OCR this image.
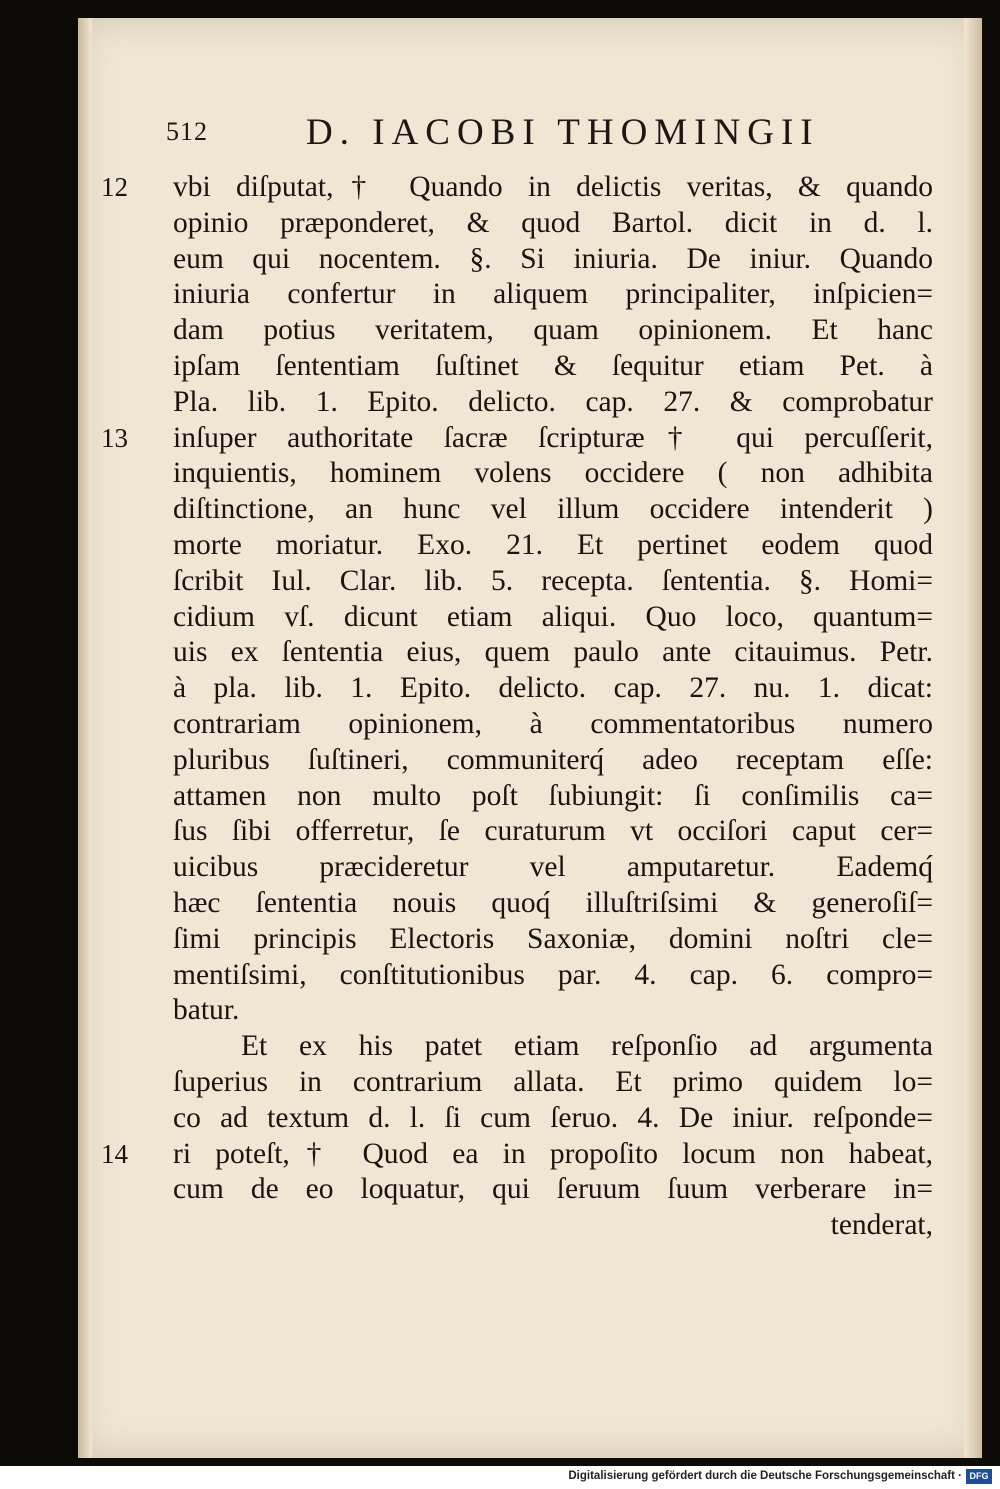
512	D. IACOBI THOMINGII
12 vbi diſputat,† Quando in delictis veritas, & quando
opinio præponderet, & quod Bartol. dicit in d. l.
eum qui nocentem. §. Si iniuria. De iniur. Quando
iniuria confertur in aliquem principaliter, inſpicien=
dam potius veritatem, quam opinionem. Et hanc
ipſam ſententiam ſuſtinet & ſequitur etiam Pet. à
Pla. lib. 1. Epito. delicto. cap. 27. & comprobatur
13 inſuper authoritate ſacræ ſcripturæ† qui percuſſerit,
inquientis, hominem volens occidere ( non adhibita
diſtinctione, an hunc vel illum occidere intenderit )
morte moriatur. Exo. 21. Et pertinet eodem quod
ſcribit Iul. Clar. lib. 5. recepta. ſententia. §. Homi=
cidium vſ. dicunt etiam aliqui. Quo loco, quantum=
uis ex ſententia eius, quem paulo ante citauimus. Petr.
à pla. lib. 1. Epito. delicto. cap. 27. nu. 1. dicat:
contrariam opinionem, à commentatoribus numero
pluribus ſuſtineri, communiterq́ adeo receptam eſſe:
attamen non multo poſt ſubiungit: ſi conſimilis ca=
ſus ſibi offerretur, ſe curaturum vt occiſori caput cer=
uicibus præcideretur vel amputaretur. Eademq́
hæc ſententia nouis quoq́ illuſtriſsimi & generoſiſ=
ſimi principis Electoris Saxoniæ, domini noſtri cle=
mentiſsimi, conſtitutionibus par. 4. cap. 6. compro=
batur.
Et ex his patet etiam reſponſio ad argumenta
ſuperius in contrarium allata. Et primo quidem lo=
co ad textum d. l. ſi cum ſeruo. 4. De iniur. reſponde=
14 ri poteſt,† Quod ea in propoſito locum non habeat,
cum de eo loquatur, qui ſeruum ſuum verberare in=
tenderat,
Digitalisierung gefördert durch die Deutsche Forschungsgemeinschaft · DFG
